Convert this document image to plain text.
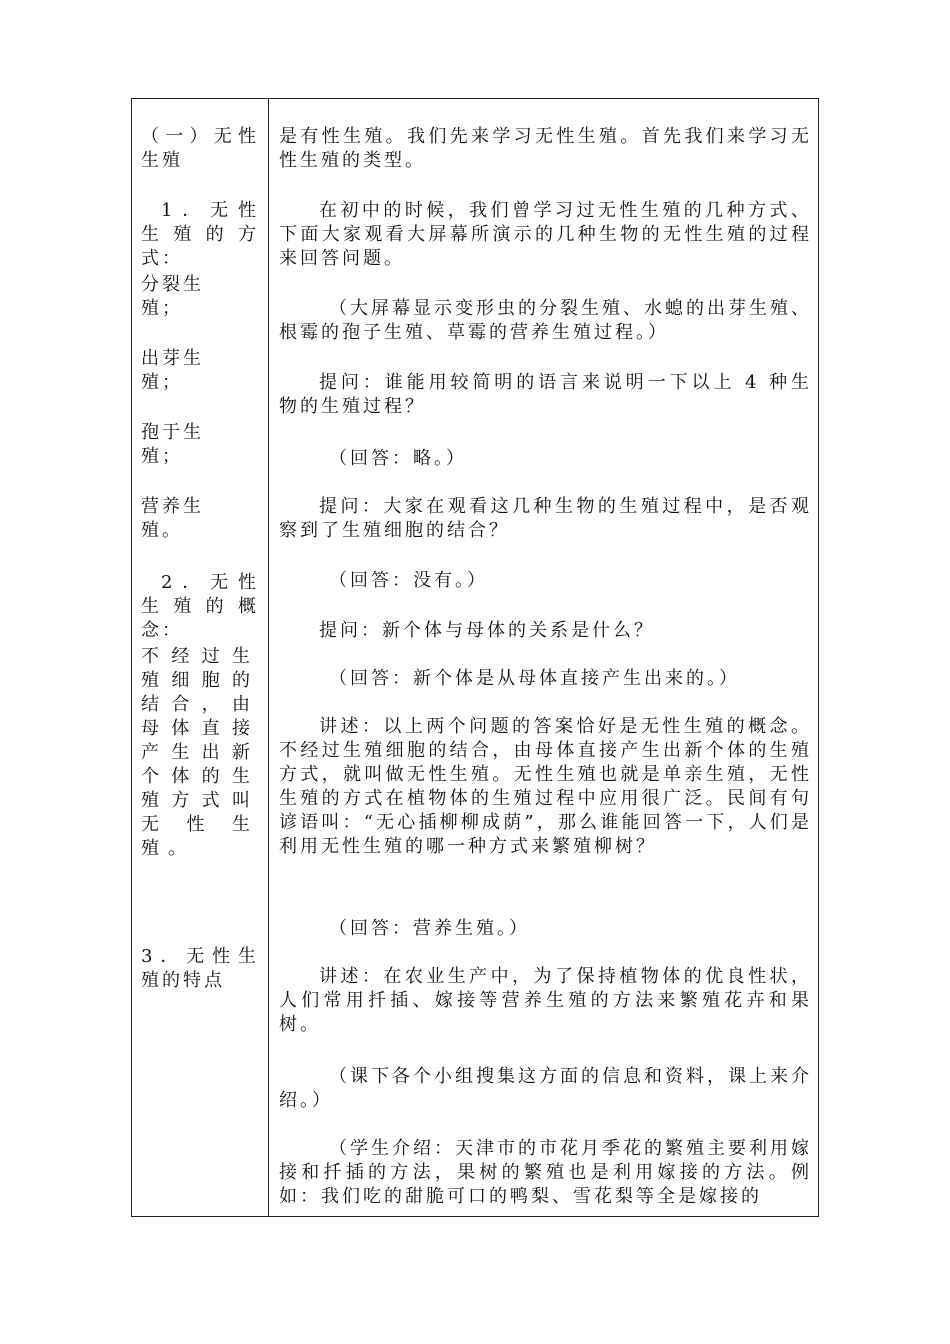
（一）无性生殖
1．无性生殖的方式：
分裂生
殖；
出芽生
殖；
孢于生
殖；
营养生
殖。
2．无性生殖的概念：
不经过生殖细胞的结合，由母体直接产生出新个体的生殖方式叫无性生殖。
3．无性生殖的特点
是有性生殖。我们先来学习无性生殖。首先我们来学习无性生殖的类型。
在初中的时候，我们曾学习过无性生殖的几种方式、下面大家观看大屏幕所演示的几种生物的无性生殖的过程来回答问题。
（大屏幕显示变形虫的分裂生殖、水螅的出芽生殖、根霉的孢子生殖、草霉的营养生殖过程。）
提问：谁能用较简明的语言来说明一下以上 4 种生物的生殖过程？
（回答：略。）
提问：大家在观看这几种生物的生殖过程中，是否观察到了生殖细胞的结合？
（回答：没有。）
提问：新个体与母体的关系是什么？
（回答：新个体是从母体直接产生出来的。）
讲述：以上两个问题的答案恰好是无性生殖的概念。不经过生殖细胞的结合，由母体直接产生出新个体的生殖方式，就叫做无性生殖。无性生殖也就是单亲生殖，无性生殖的方式在植物体的生殖过程中应用很广泛。民间有句谚语叫：“无心插柳柳成荫”，那么谁能回答一下，人们是利用无性生殖的哪一种方式来繁殖柳树？
（回答：营养生殖。）
讲述：在农业生产中，为了保持植物体的优良性状，人们常用扦插、嫁接等营养生殖的方法来繁殖花卉和果树。
（课下各个小组搜集这方面的信息和资料，课上来介绍。）
（学生介绍：天津市的市花月季花的繁殖主要利用嫁接和扦插的方法，果树的繁殖也是利用嫁接的方法。例如：我们吃的甜脆可口的鸭梨、雪花梨等全是嫁接的
